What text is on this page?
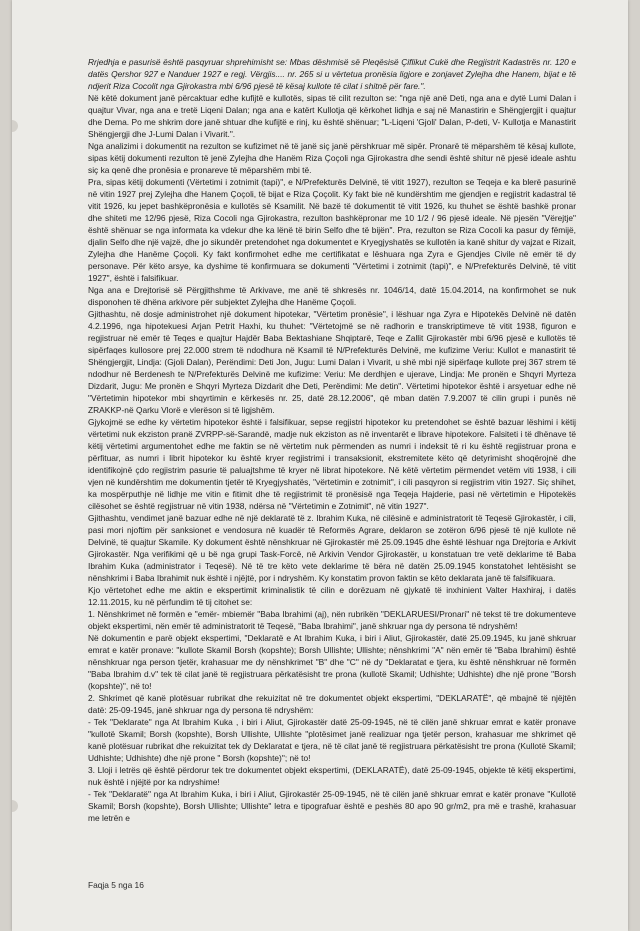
Rrjedhja e pasurisë është pasqyruar shprehimisht se: Mbas dëshmisë së Pleqësisë Çiflikut Cukë dhe Regjistrit Kadastrës nr. 120 e datës Qershor 927 e Nanduer 1927 e regj. Vërgjis.... nr. 265 si u vërtetua pronësia ligjore e zonjavet Zylejha dhe Hanem, bijat e të ndjerit Riza Cocolit nga Gjirokastra mbi 6/96 pjesë të kësaj kullote të cilat i shitnë për fare.".

Në këtë dokument janë përcaktuar edhe kufijtë e kullotës, sipas të cilit rezulton se: "nga një anë Deti, nga ana e dytë Lumi Dalan i quajtur Vivar, nga ana e tretë Liqeni Dalan; nga ana e katërt Kullotja që kërkohet lidhja e saj në Manastirin e Shëngjergjit i quajtur dhe Dema. Po me shkrim dore janë shtuar dhe kufijtë e rinj, ku është shënuar; "L-Liqeni 'Gjoli' Dalan, P-deti, V- Kullotja e Manastirit Shëngjergji dhe J-Lumi Dalan i Vivarit.".

Nga analizimi i dokumentit na rezulton se kufizimet në të janë siç janë përshkruar më sipër. Pronarë të mëparshëm të kësaj kullote, sipas këtij dokumenti rezulton të jenë Zylejha dhe Hanëm Riza Çoçoli nga Gjirokastra dhe sendi është shitur në pjesë ideale ashtu siç ka qenë dhe pronësia e pronareve të mëparshëm mbi të.

Pra, sipas këtij dokumenti (Vërtetimi i zotnimit (tapi)", e N/Prefekturës Delvinë, të vitit 1927), rezulton se Teqeja e ka blerë pasurinë në vitin 1927 prej Zylejha dhe Hanem Çoçoli, të bijat e Riza Çoçolit. Ky fakt bie në kundërshtim me gjendjen e regjistrit kadastral të vitit 1926, ku jepet bashkëpronësia e kullotës së Ksamilit. Në bazë të dokumentit të vitit 1926, ku thuhet se është bashkë pronar dhe shiteti me 12/96 pjesë, Riza Cocoli nga Gjirokastra, rezulton bashkëpronar me 10 1/2 / 96 pjesë ideale. Në pjesën "Vërejtje" është shënuar se nga informata ka vdekur dhe ka lënë të birin Selfo dhe të bijën". Pra, rezulton se Riza Cocoli ka pasur dy fëmijë, djalin Selfo dhe një vajzë, dhe jo sikundër pretendohet nga dokumentet e Kryegjyshatës se kullotën ia kanë shitur dy vajzat e Rizait, Zylejha dhe Hanëme Çoçoli. Ky fakt konfirmohet edhe me certifikatat e lëshuara nga Zyra e Gjendjes Civile në emër të dy personave. Për këto arsye, ka dyshime të konfirmuara se dokumenti "Vërtetimi i zotnimit (tapi)", e N/Prefekturës Delvinë, të vitit 1927", është i falsifikuar.

Nga ana e Drejtorisë së Përgjithshme të Arkivave, me anë të shkresës nr. 1046/14, datë 15.04.2014, na konfirmohet se nuk disponohen të dhëna arkivore për subjektet Zylejha dhe Hanëme Çoçoli.

Gjithashtu, në dosje administrohet një dokument hipotekar, "Vërtetim pronësie", i lëshuar nga Zyra e Hipotekës Delvinë në datën 4.2.1996, nga hipotekuesi Arjan Petrit Haxhi, ku thuhet: "Vërtetojmë se në radhorin e transkriptimeve të vitit 1938, figuron e regjistruar në emër të Teqes e quajtur Hajdër Baba Bektashiane Shqiptarë, Teqe e Zallit Gjirokastër mbi 6/96 pjesë e kullotës të sipërfaqes kullosore prej 22.000 strem të ndodhura në Ksamil të N/Prefekturës Delvinë, me kufizime Veriu: Kullot e manastirit të Shëngjergjit, Lindja: (Gjoli Dalan), Perëndimi: Deti Jon, Jugu: Lumi Dalan i Vivarit, u shë mbi një sipërfaqe kullote prej 367 strem të ndodhur në Berdenesh te N/Prefekturës Delvinë me kufizime: Veriu: Me derdhjen e ujerave, Lindja: Me pronën e Shqyri Myrteza Dizdarit, Jugu: Me pronën e Shqyri Myrteza Dizdarit dhe Deti, Perëndimi: Me detin". Vërtetimi hipotekor është i arsyetuar edhe në "Vërtetimin hipotekor mbi shqyrtimin e kërkesës nr. 25, datë 28.12.2006", që mban datën 7.9.2007 të cilin grupi i punës në ZRAKKP-në Qarku Vlorë e vlerëson si të ligjshëm.

Gjykojmë se edhe ky vërtetim hipotekor është i falsifikuar, sepse regjistri hipotekor ku pretendohet se është bazuar lëshimi i këtij vërtetimi nuk ekziston pranë ZVRPP-së-Sarandë, madje nuk ekziston as në inventarët e librave hipotekore. Falsiteti i të dhënave të këtij vërtetimi argumentohet edhe me faktin se në vërtetim nuk përmenden as numri i indeksit të ri ku është regjistruar prona e përfituar, as numri i librit hipotekor ku është kryer regjistrimi i transaksionit, ekstremitete këto që detyrimisht shoqërojnë dhe identifikojnë çdo regjistrim pasurie të paluajtshme të kryer në librat hipotekore. Në këtë vërtetim përmendet vetëm viti 1938, i cili vjen në kundërshtim me dokumentin tjetër të Kryegjyshatës, "vërtetimin e zotnimit", i cili pasqyron si regjistrim vitin 1927. Siç shihet, ka mospërputhje në lidhje me vitin e fitimit dhe të regjistrimit të pronësisë nga Teqeja Hajderie, pasi në vërtetimin e Hipotekës cilësohet se është regjistruar në vitin 1938, ndërsa në "Vërtetimin e Zotnimit", në vitin 1927".

Gjithashtu, vendimet janë bazuar edhe në një deklaratë të z. Ibrahim Kuka, në cilësinë e administratorit të Teqesë Gjirokastër, i cili, pasi mori njoftim për sanksionet e vendosura në kuadër të Reformës Agrare, deklaron se zotëron 6/96 pjesë të një kullote në Delvinë, të quajtur Skamile. Ky dokument është nënshkruar në Gjirokastër më 25.09.1945 dhe është lëshuar nga Drejtoria e Arkivit Gjirokastër. Nga verifikimi që u bë nga grupi Task-Forcë, në Arkivin Vendor Gjirokastër, u konstatuan tre vetë deklarime të Baba Ibrahim Kuka (administrator i Teqesë). Në të tre këto vete deklarime të bëra në datën 25.09.1945 konstatohet lehtësisht se nënshkrimi i Baba Ibrahimit nuk është i njëjtë, por i ndryshëm. Ky konstatim provon faktin se këto deklarata janë të falsifikuara.

Kjo vërtetohet edhe me aktin e ekspertimit kriminalistik të cilin e dorëzuam në gjykatë të inxhinient Valter Haxhiraj, i datës 12.11.2015, ku në përfundim të tij citohet se:

1. Nënshkrimet në formën e "emër- mbiemër "Baba Ibrahimi (aj), nën rubrikën "DEKLARUESI/Pronari" në tekst të tre dokumenteve objekt ekspertimi, nën emër të administratorit të Teqesë, "Baba Ibrahimi", janë shkruar nga dy persona të ndryshëm!

Në dokumentin e parë objekt ekspertimi, "Deklaratë e At Ibrahim Kuka, i biri i Aliut, Gjirokastër, datë 25.09.1945, ku janë shkruar emrat e katër pronave: "kullote Skamil Borsh (kopshte); Borsh Ullishte; Ullishte; nënshkrimi "A" nën emër të "Baba Ibrahimi) është nënshkruar nga person tjetër, krahasuar me dy nënshkrimet "B" dhe "C" në dy "Deklaratat e tjera, ku është nënshkruar në formën "Baba Ibrahim d.v" tek të cilat janë të regjistruara përkatësisht tre prona (kullotë Skamil; Udhishte; Udhishte) dhe një prone "Borsh (kopshte)", në to!

2. Shkrimet që kanë plotësuar rubrikat dhe rekuizitat në tre dokumentet objekt ekspertimi, "DEKLARATË", që mbajnë të njëjtën datë: 25-09-1945, janë shkruar nga dy persona të ndryshëm:

- Tek "Deklarate" nga At Ibrahim Kuka , i biri i Aliut, Gjirokastër datë 25-09-1945, në të cilën janë shkruar emrat e katër pronave "kullotë Skamil; Borsh (kopshte), Borsh Ullishte, Ullishte "plotësimet janë realizuar nga tjetër person, krahasuar me shkrimet që kanë plotësuar rubrikat dhe rekuizitat tek dy Deklaratat e tjera, në të cilat janë të regjistruara përkatësisht tre prona (Kullotë Skamil; Udhishte; Udhishte) dhe një prone " Borsh (kopshte)"; në to!

3. Lloji i letrës që është përdorur tek tre dokumentet objekt ekspertimi, (DEKLARATË), datë 25-09-1945, objekte të këtij ekspertimi, nuk është i njëjtë por ka ndryshime!

- Tek "Deklaratë" nga At Ibrahim Kuka, i biri i Aliut, Gjirokastër 25-09-1945, në të cilën janë shkruar emrat e katër pronave "Kullotë Skamil; Borsh (kopshte), Borsh Ullishte; Ullishte" letra e tipografuar është e peshës 80 apo 90 gr/m2, pra më e trashë, krahasuar me letrën e

Faqja 5 nga 16
